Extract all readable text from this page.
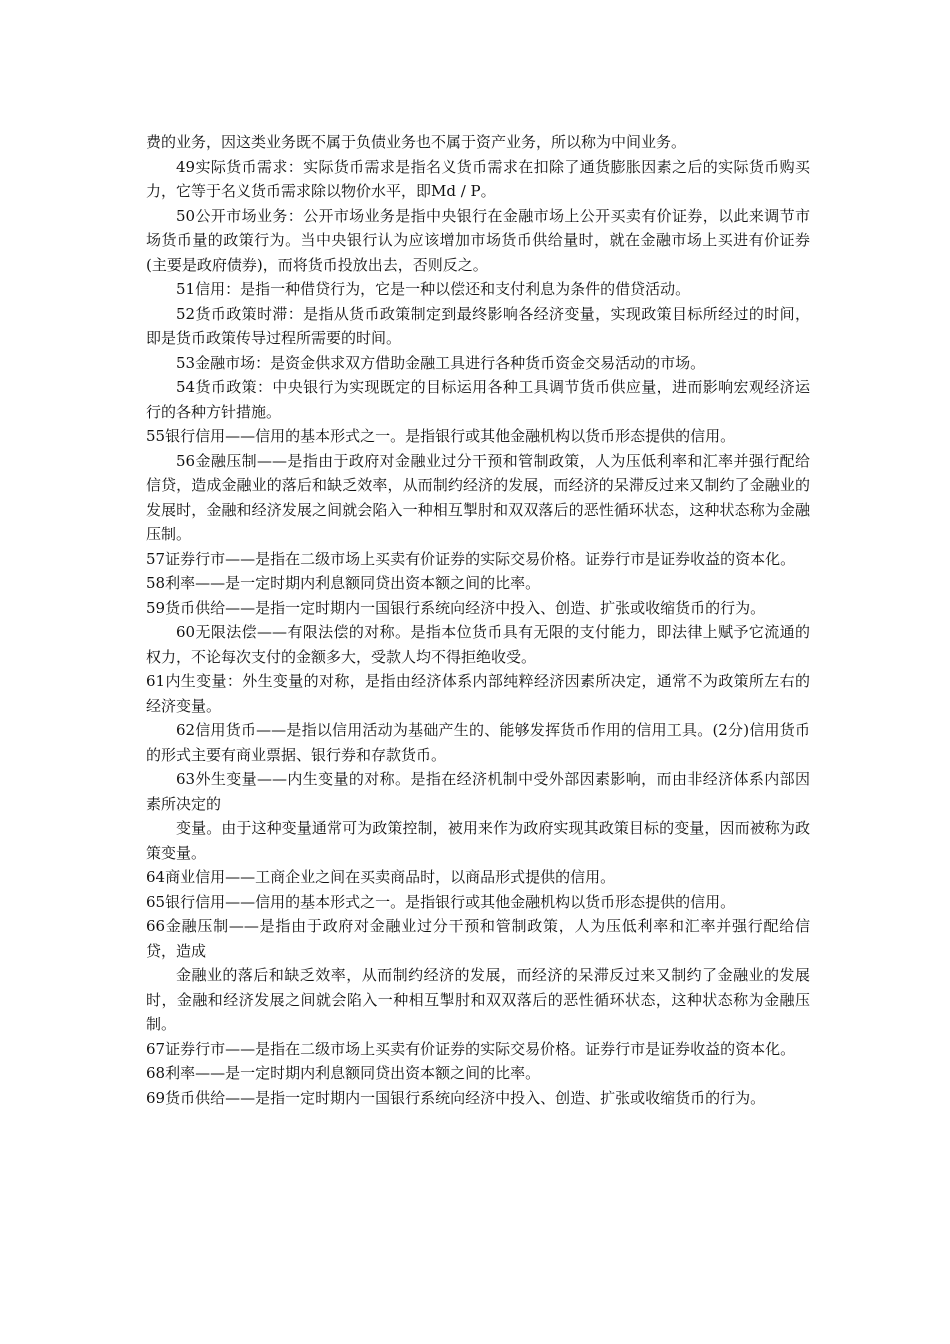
费的业务，因这类业务既不属于负债业务也不属于资产业务，所以称为中间业务。

49实际货币需求：实际货币需求是指名义货币需求在扣除了通货膨胀因素之后的实际货币购买力，它等于名义货币需求除以物价水平，即Md / P。

50公开市场业务：公开市场业务是指中央银行在金融市场上公开买卖有价证券，以此来调节市场货币量的政策行为。当中央银行认为应该增加市场货币供给量时，就在金融市场上买进有价证券(主要是政府债券)，而将货币投放出去，否则反之。

51信用：是指一种借贷行为，它是一种以偿还和支付利息为条件的借贷活动。

52货币政策时滞：是指从货币政策制定到最终影响各经济变量，实现政策目标所经过的时间，即是货币政策传导过程所需要的时间。

53金融市场：是资金供求双方借助金融工具进行各种货币资金交易活动的市场。

54货币政策：中央银行为实现既定的目标运用各种工具调节货币供应量，进而影响宏观经济运行的各种方针措施。

55银行信用——信用的基本形式之一。是指银行或其他金融机构以货币形态提供的信用。

56金融压制——是指由于政府对金融业过分干预和管制政策，人为压低利率和汇率并强行配给信贷，造成金融业的落后和缺乏效率，从而制约经济的发展，而经济的呆滞反过来又制约了金融业的发展时，金融和经济发展之间就会陷入一种相互掣肘和双双落后的恶性循环状态，这种状态称为金融压制。

57证券行市——是指在二级市场上买卖有价证券的实际交易价格。证券行市是证券收益的资本化。

58利率——是一定时期内利息额同贷出资本额之间的比率。

59货币供给——是指一定时期内一国银行系统向经济中投入、创造、扩张或收缩货币的行为。

60无限法偿——有限法偿的对称。是指本位货币具有无限的支付能力，即法律上赋予它流通的权力，不论每次支付的金额多大，受款人均不得拒绝收受。

61内生变量：外生变量的对称，是指由经济体系内部纯粹经济因素所决定，通常不为政策所左右的经济变量。

62信用货币——是指以信用活动为基础产生的、能够发挥货币作用的信用工具。(2分)信用货币的形式主要有商业票据、银行券和存款货币。

63外生变量——内生变量的对称。是指在经济机制中受外部因素影响，而由非经济体系内部因素所决定的

变量。由于这种变量通常可为政策控制，被用来作为政府实现其政策目标的变量，因而被称为政策变量。

64商业信用——工商企业之间在买卖商品时，以商品形式提供的信用。

65银行信用——信用的基本形式之一。是指银行或其他金融机构以货币形态提供的信用。

66金融压制——是指由于政府对金融业过分干预和管制政策，人为压低利率和汇率并强行配给信贷，造成

金融业的落后和缺乏效率，从而制约经济的发展，而经济的呆滞反过来又制约了金融业的发展时，金融和经济发展之间就会陷入一种相互掣肘和双双落后的恶性循环状态，这种状态称为金融压制。

67证券行市——是指在二级市场上买卖有价证券的实际交易价格。证券行市是证券收益的资本化。

68利率——是一定时期内利息额同贷出资本额之间的比率。

69货币供给——是指一定时期内一国银行系统向经济中投入、创造、扩张或收缩货币的行为。
